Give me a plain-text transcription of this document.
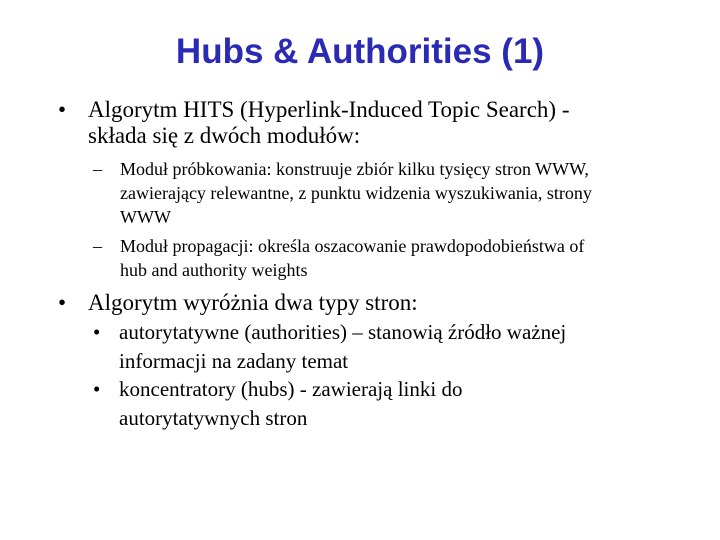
Hubs & Authorities (1)
• Algorytm HITS (Hyperlink-Induced Topic Search) -
składa się z dwóch modułów:
– Moduł próbkowania: konstruuje zbiór kilku tysięcy stron WWW,
zawierający relewantne, z punktu widzenia wyszukiwania, strony
WWW
– Moduł propagacji: określa oszacowanie prawdopodobieństwa of
hub and authority weights
• Algorytm wyróżnia dwa typy stron:
• autorytatywne (authorities) – stanowią źródło ważnej
informacji na zadany temat
• koncentratory (hubs) - zawierają linki do
autorytatywnych stron
